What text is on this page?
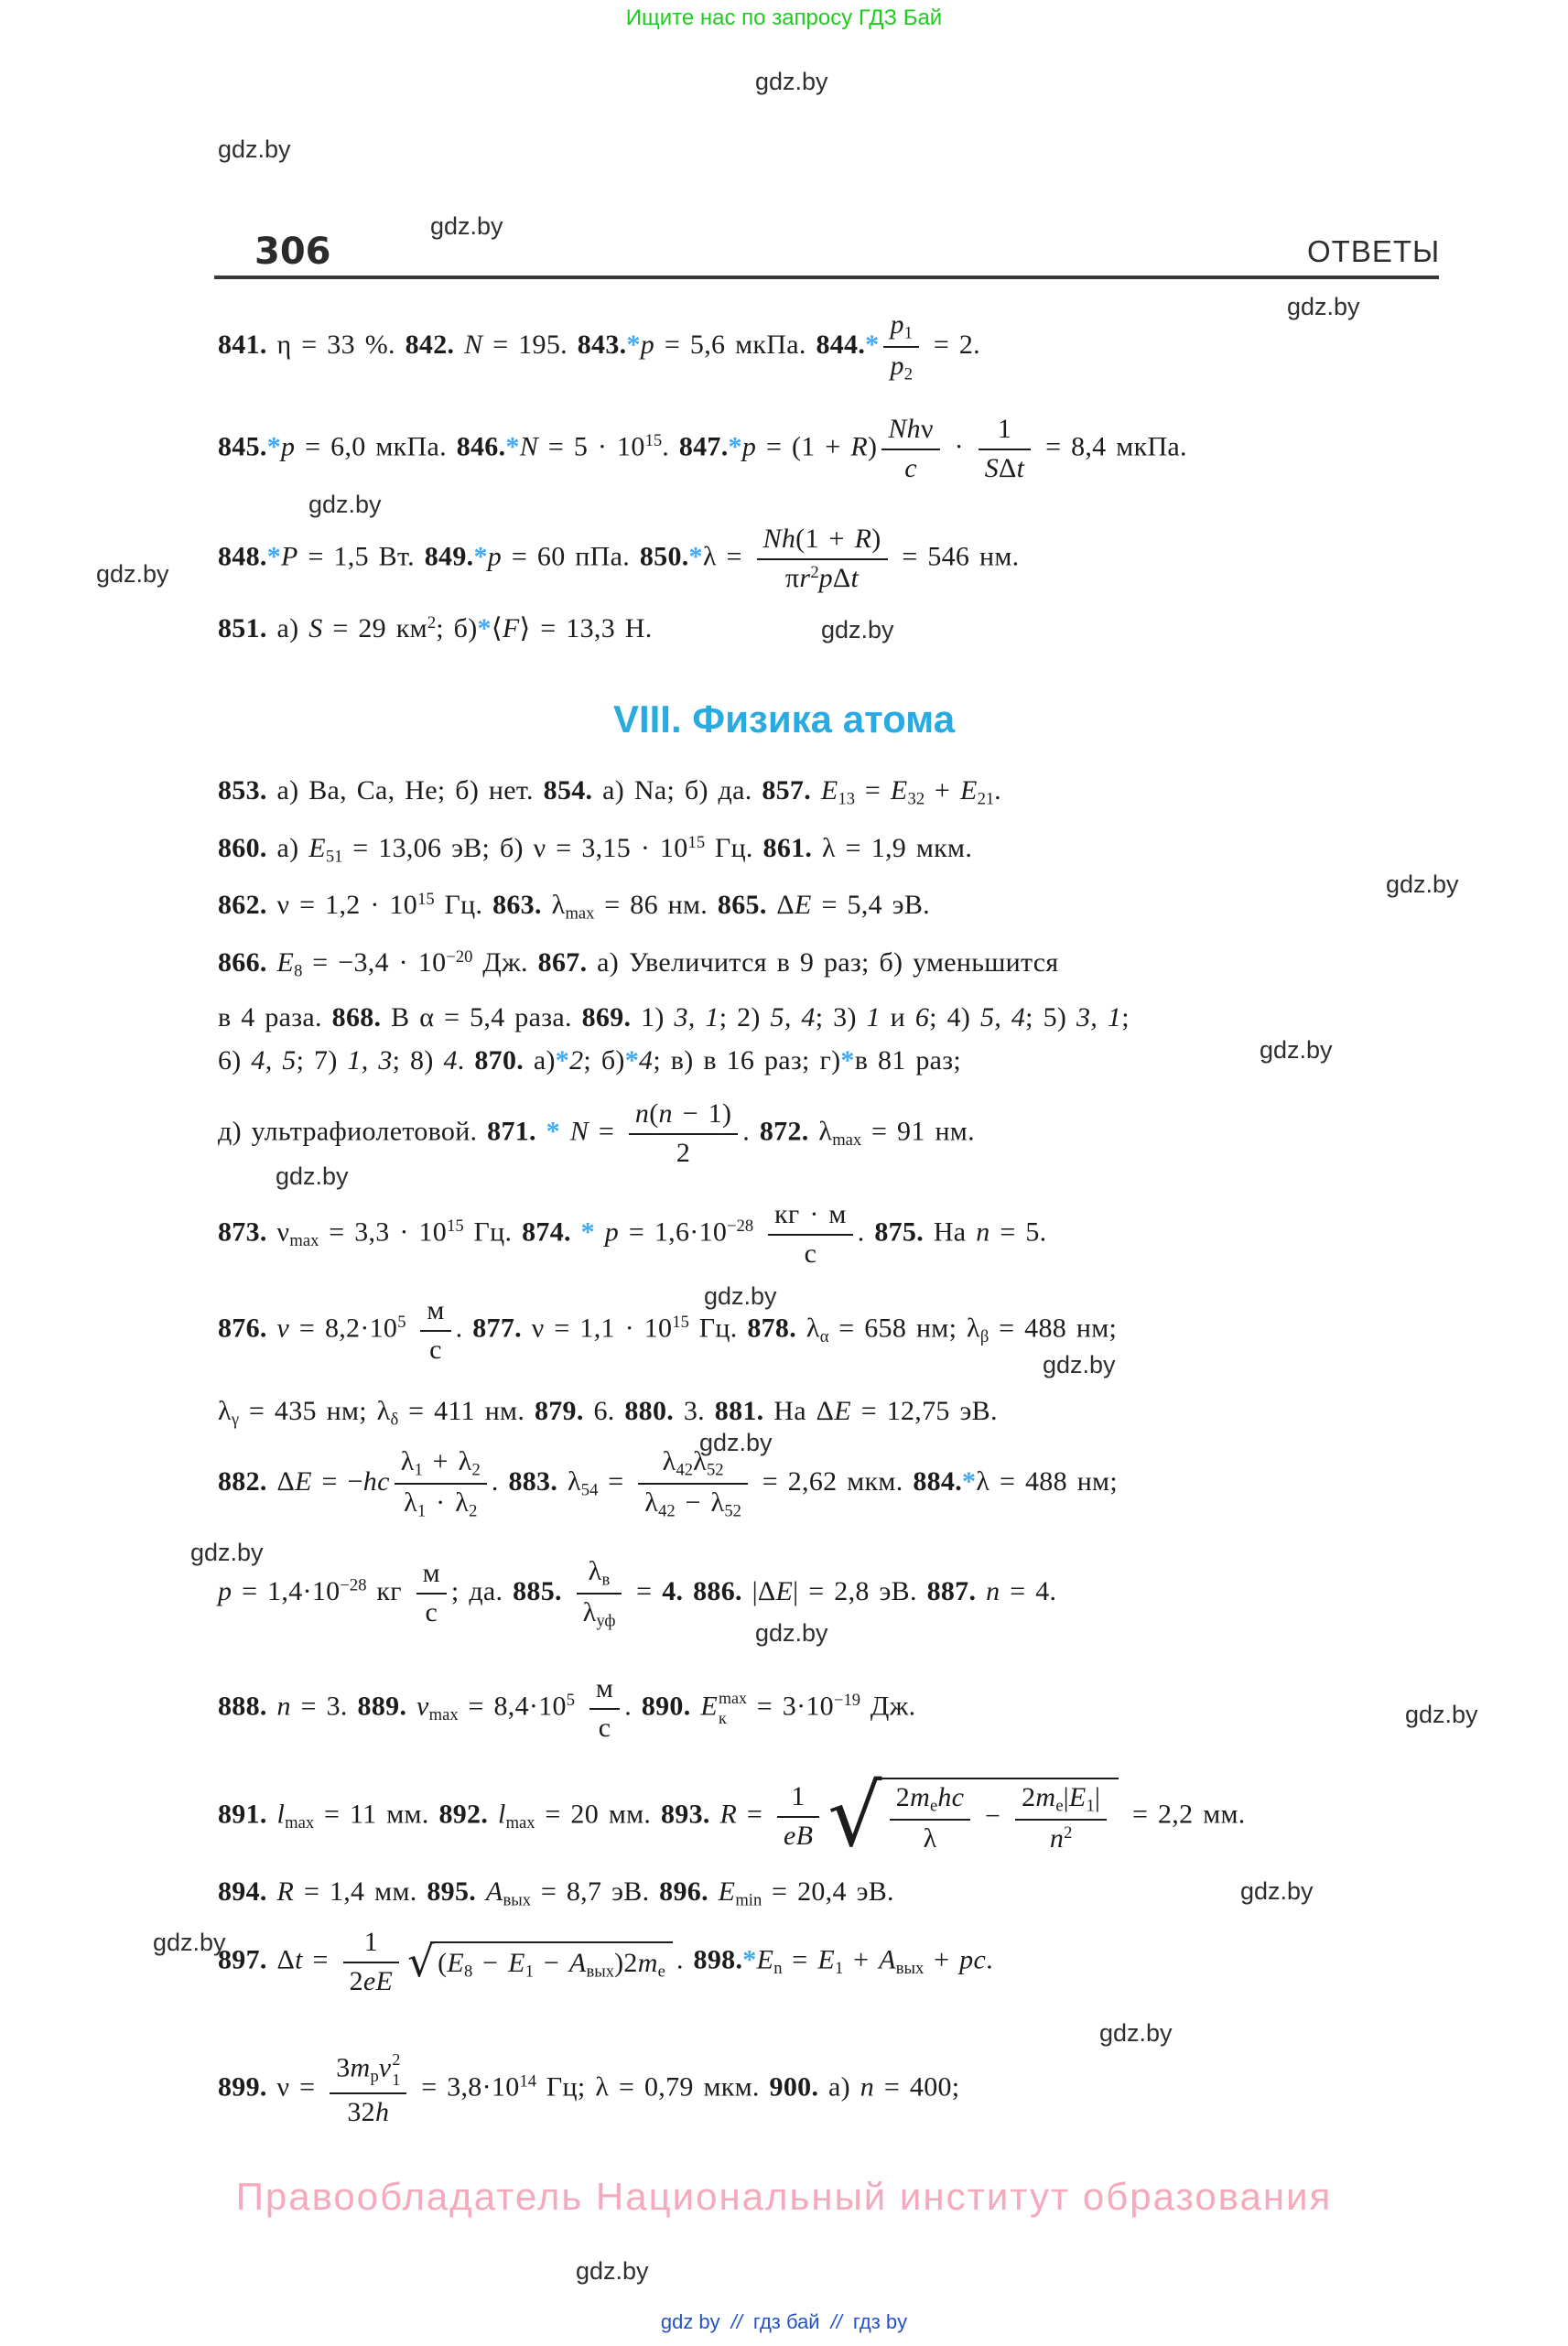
Ищите нас по запросу ГДЗ Бай
306	ОТВЕТЫ
VIII. Физика атома
gdz.by
gdz.by
gdz.by
gdz.by
gdz.by
gdz.by
gdz.by
gdz.by
gdz.by
gdz.by
gdz.by
gdz.by
gdz.by
gdz.by
gdz.by
gdz.by
gdz.by
gdz.by
gdz.by
gdz.by
841. η = 33 %. 842. N = 195. 843.*p = 5,6 мкПа. $844.* \frac{p_1}{p_2} = 2$.
845.*p = 6,0 мкПа. $846.*N = 5 \cdot 10^{15}$. $847.*p = (1 + R) \frac{\text{Nhν}}{c} \cdot \frac{1}{\text{SΔt}} = 8,4$ мкПа.
848.*P = 1,5 Вт. 849.*p = 60 пПа. $850.*\lambda = \frac{Nh(1 + R)}{\pi r^2p\Delta t} = 546$ нм.
851. а) S = 29 $км^2$; б)*⟨F⟩ = 13,3 Н.
853. а) Ba, Ca, He; б) нет. 854. а) Na; б) да. 857. $E_{13} = E_{32} + E_{21}$.
860. а) $E_{51} = 13,06$ эВ; б) $\nu = 3,15 \cdot 10^{15}$ Гц. 861. λ = 1,9 мкм.
862. $\nu = 1,2 \cdot 10^{15}$ Гц. 863. $\lambda_{max} = 86$ нм. 865. ΔE = 5,4 эВ.
866. $E_8 = -3,4 \cdot 10^{-20}$ Дж. 867. а) Увеличится в 9 раз; б) уменьшится
в 4 раза. 868. В α = 5,4 раза. 869. 1) 3, 1; 2) 5, 4; 3) 1 и 6; 4) 5, 4; 5) 3, 1;
6) 4, 5; 7) 1, 3; 8) 4. 870. а)*2; б)*4; в) в 16 раз; г)*в 81 раз;
д) ультрафиолетовой. 871. * $N = \frac{n(n - 1)}{2}$ . 872. $\lambda_{max} = 91$ нм.
873. $\nu_{max} = 3,3 \cdot 10^{15}$ Гц. 874. * $p = 1,6\cdot 10^{-28} \frac{кг \cdot м}{с}$ . 875. На n = 5.
876. $v = 8,2\cdot 10^5 \frac{м}{с}$ . 877. $\nu = 1,1 \cdot 10^{15}$ Гц. 878. $\lambda_\alpha = 658$ нм; $\lambda_\beta = 488$ нм;
$\lambda_\gamma = 435$ нм; $\lambda_\delta = 411$ нм. 879. 6. 880. 3. 881. На ΔE = 12,75 эВ.
882. $\Delta E = -hc \frac{\lambda_1 + \lambda_2}{\lambda_1 \cdot \lambda_2}$ . 883. $\lambda_{54} = \frac{\lambda_{42}\lambda_{52}}{\lambda_{42} - \lambda_{52}} = 2,62$ мкм. 884.*λ = 488 нм;
$p = 1,4\cdot 10^{-28}$ кг $\frac{м}{с}$ ; да. 885. $\frac{\lambda_в}{\lambda_{уф}} = 4$. 886. |ΔE| = 2,8 эВ. 887. n = 4.
888. n = 3. 889. $v_{max} = 8,4\cdot 10^5 \frac{м}{с}$ . 890. E max
$к = 3\cdot 10^{-19}$ Дж.
891. $l_{max} = 11$ мм. 892. $l_{max} = 20$ мм. 893. $R = \frac{1}{eB}$ √ $\frac{2m_ehc}{\lambda} - \frac{2m_e|E_1|}{n^2} = 2,2$ мм.
894. R = 1,4 мм. 895. $A_{вых} = 8,7$ эВ. 896. $E_{min} = 20,4$ эВ.
897. $\Delta t = \frac{1}{2eE}$ √ $(E_8 - E_1 - A_{вых})2m_e$ . $898.*E_n = E_1 + A_{вых}$ + pc.
899. $\nu = 3m_pv$ 2
1
$32h = 3,8\cdot 10^{14}$ Гц; λ = 0,79 мкм. 900. а) n = 400;
Правообладатель Национальный институт образования
gdz by // гдз бай // гдз by
